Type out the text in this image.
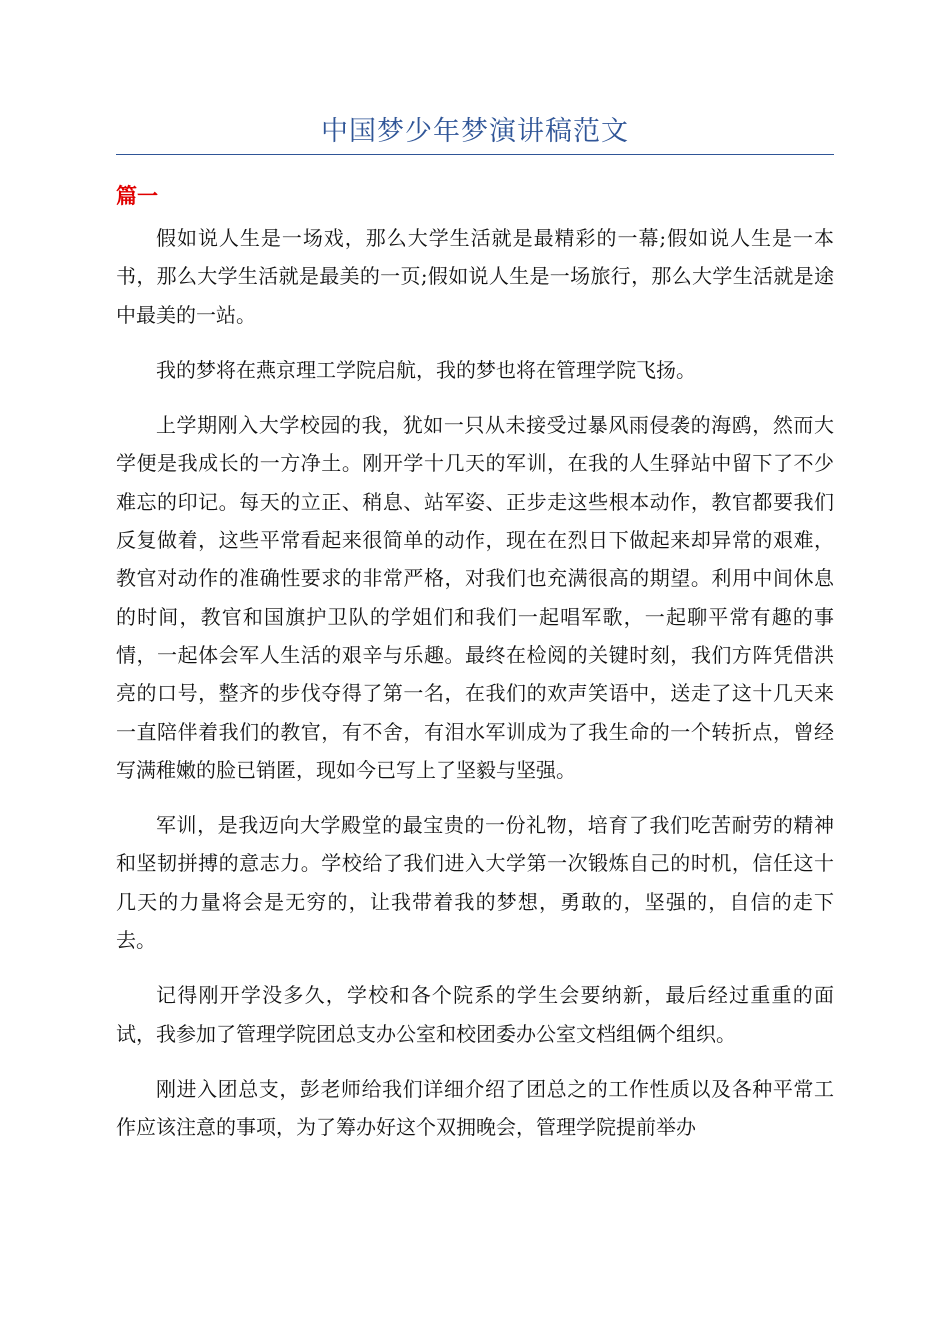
中国梦少年梦演讲稿范文
篇一

假如说人生是一场戏，那么大学生活就是最精彩的一幕;假如说人生是一本书，那么大学生活就是最美的一页;假如说人生是一场旅行，那么大学生活就是途中最美的一站。

我的梦将在燕京理工学院启航，我的梦也将在管理学院飞扬。

上学期刚入大学校园的我，犹如一只从未接受过暴风雨侵袭的海鸥，然而大学便是我成长的一方净土。刚开学十几天的军训，在我的人生驿站中留下了不少难忘的印记。每天的立正、稍息、站军姿、正步走这些根本动作，教官都要我们反复做着，这些平常看起来很简单的动作，现在在烈日下做起来却异常的艰难，教官对动作的准确性要求的非常严格，对我们也充满很高的期望。利用中间休息的时间，教官和国旗护卫队的学姐们和我们一起唱军歌，一起聊平常有趣的事情，一起体会军人生活的艰辛与乐趣。最终在检阅的关键时刻，我们方阵凭借洪亮的口号，整齐的步伐夺得了第一名，在我们的欢声笑语中，送走了这十几天来一直陪伴着我们的教官，有不舍，有泪水军训成为了我生命的一个转折点，曾经写满稚嫩的脸已销匿，现如今已写上了坚毅与坚强。

军训，是我迈向大学殿堂的最宝贵的一份礼物，培育了我们吃苦耐劳的精神和坚韧拼搏的意志力。学校给了我们进入大学第一次锻炼自己的时机，信任这十几天的力量将会是无穷的，让我带着我的梦想，勇敢的，坚强的，自信的走下去。

记得刚开学没多久，学校和各个院系的学生会要纳新，最后经过重重的面试，我参加了管理学院团总支办公室和校团委办公室文档组俩个组织。

刚进入团总支，彭老师给我们详细介绍了团总之的工作性质以及各种平常工作应该注意的事项，为了筹办好这个双拥晚会，管理学院提前举办
